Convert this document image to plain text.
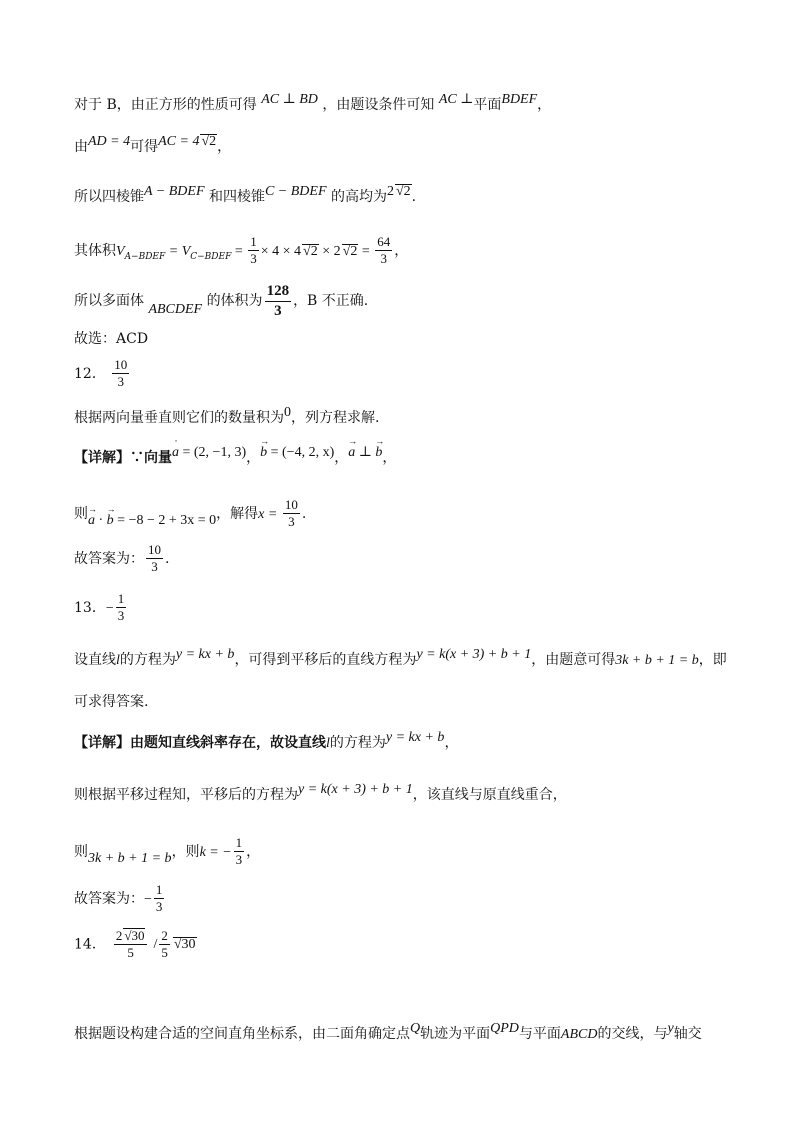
对于 B，由正方形的性质可得 AC ⊥ BD ，由题设条件可知 AC ⊥平面BDEF，
由AD = 4可得AC = 4√ 2，
所以四棱锥A − BDEF 和四棱锥C − BDEF 的高均为2√ 2.
其体积$V_{A-BDEF} = V_{C-BDEF} = \frac{1}{3} \times 4 \times 4√$ 2 × 2√ $2 = \frac{64}{3}$ ，
所以多面体 ABCDEF 的体积为 $\frac{128}{3}$ ，B 不正确.
故选：ACD
12． $\frac{10}{3}$
根据两向量垂直则它们的数量积为0，列方程求解.
【详解】∵向量a ˙ = (2, −1, 3)，b → = (−4, 2, x)，a → ⊥ b →，
则a → · b → = −8 − 2 + 3x = 0，解得$x = \frac{10}{3}$ .
故答案为： $\frac{10}{3}$ .
13．− $\frac{1}{3}$
设直线l的方程为y = kx + b，可得到平移后的直线方程为y = k(x + 3) + b + 1，由题意可得3k + b + 1 = b，即
可求得答案.
【详解】由题知直线斜率存在，故设直线l的方程为y = kx + b，
则根据平移过程知，平移后的方程为y = k(x + 3) + b + 1，该直线与原直线重合，
则3k + b + 1 = b，则k = − $\frac{1}{3}$ ，
故答案为：− $\frac{1}{3}$
14． $\frac{2√ 30}{5} / \frac{2}{5}$
√ 30
根据题设构建合适的空间直角坐标系，由二面角确定点Q轨迹为平面QPD与平面ABCD的交线，与y轴交
